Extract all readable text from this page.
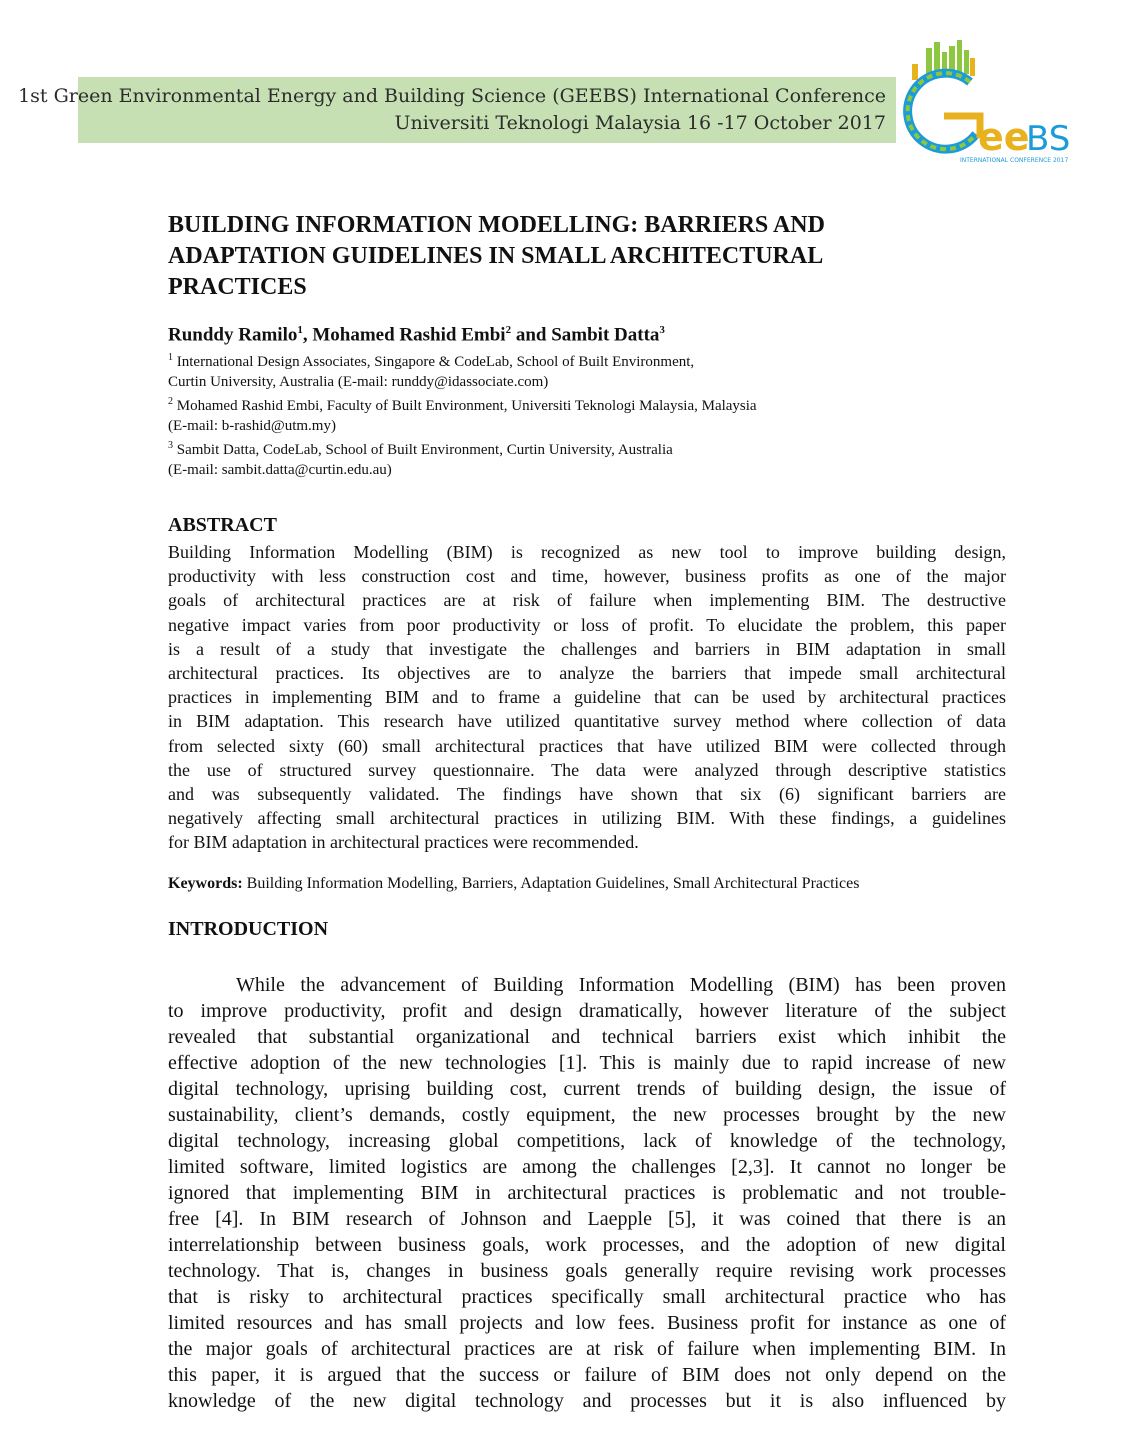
1st Green Environmental Energy and Building Science (GEEBS) International Conference
Universiti Teknologi Malaysia 16 -17 October 2017 ee
BS
INTERNATIONAL CONFERENCE 2017
BUILDING INFORMATION MODELLING: BARRIERS AND
ADAPTATION GUIDELINES IN SMALL ARCHITECTURAL
PRACTICES
Runddy Ramilo$^1$, Mohamed Rashid Embi$^2$ and Sambit Datta$^3$
$^1$ International Design Associates, Singapore & CodeLab, School of Built Environment,
Curtin University, Australia (E-mail: runddy@idassociate.com)
$^2$ Mohamed Rashid Embi, Faculty of Built Environment, Universiti Teknologi Malaysia, Malaysia
(E-mail: b-rashid@utm.my)
$^3$ Sambit Datta, CodeLab, School of Built Environment, Curtin University, Australia
(E-mail: sambit.datta@curtin.edu.au)
ABSTRACT
Building Information Modelling (BIM) is recognized as new tool to improve building design,
productivity with less construction cost and time, however, business profits as one of the major
goals of architectural practices are at risk of failure when implementing BIM. The destructive
negative impact varies from poor productivity or loss of profit. To elucidate the problem, this paper
is a result of a study that investigate the challenges and barriers in BIM adaptation in small
architectural practices. Its objectives are to analyze the barriers that impede small architectural
practices in implementing BIM and to frame a guideline that can be used by architectural practices
in BIM adaptation. This research have utilized quantitative survey method where collection of data
from selected sixty (60) small architectural practices that have utilized BIM were collected through
the use of structured survey questionnaire. The data were analyzed through descriptive statistics
and was subsequently validated. The findings have shown that six (6) significant barriers are
negatively affecting small architectural practices in utilizing BIM. With these findings, a guidelines
for BIM adaptation in architectural practices were recommended.
Keywords: Building Information Modelling, Barriers, Adaptation Guidelines, Small Architectural Practices
INTRODUCTION
While the advancement of Building Information Modelling (BIM) has been proven
to improve productivity, profit and design dramatically, however literature of the subject
revealed that substantial organizational and technical barriers exist which inhibit the
effective adoption of the new technologies [1]. This is mainly due to rapid increase of new
digital technology, uprising building cost, current trends of building design, the issue of
sustainability, client’s demands, costly equipment, the new processes brought by the new
digital technology, increasing global competitions, lack of knowledge of the technology,
limited software, limited logistics are among the challenges [2,3]. It cannot no longer be
ignored that implementing BIM in architectural practices is problematic and not trouble-
free [4]. In BIM research of Johnson and Laepple [5], it was coined that there is an
interrelationship between business goals, work processes, and the adoption of new digital
technology. That is, changes in business goals generally require revising work processes
that is risky to architectural practices specifically small architectural practice who has
limited resources and has small projects and low fees. Business profit for instance as one of
the major goals of architectural practices are at risk of failure when implementing BIM. In
this paper, it is argued that the success or failure of BIM does not only depend on the
knowledge of the new digital technology and processes but it is also influenced by
